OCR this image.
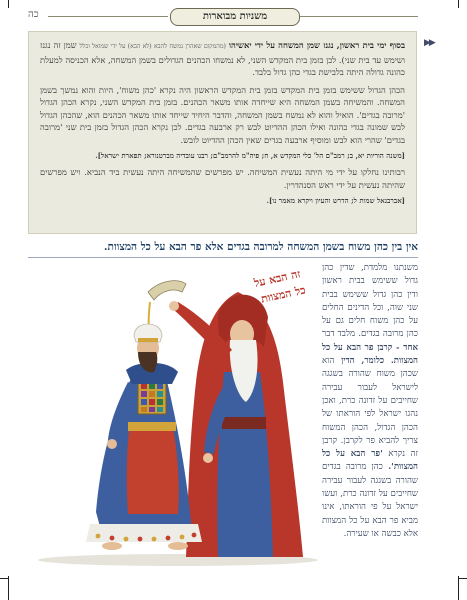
כה	משניות מבוארות
▶▶

בסוף ימי בית ראשון, נגנז שמן המשחה על ידי יאשיהו (מהמקום שאהרן נמשח להבא (לא הבא) על ידי שמואל וכלל שמן זה נגנז ושימש עד בית שני). לכן בזמן בית המקדש השני, לא נמשחו הכהנים הגדולים בשמן המשחה, אלא הכניסה למעלת כהונה גדולה היתה בלבישת בגדי כהן גדול בלבד.

הכהן הגדול ששימש בזמן בית המקדש בזמן בית המקדש הראשון היה נקרא 'כהן משוח', היות והוא נמשך בשמן המשחה. והמשיחה בשמן המשחה היא שייחדה אותו משאר הכהנים. בזמן בית המקדש השני, נקרא הכהן הגדול 'מרובה בגדים'. הואיל והוא לא נמשח בשמן המשחה, והדבר היחיד שייחד אותו משאר הכהנים הוא, שהכהן הגדול לבש שמונה בגדי כהונה ואילו הכהן ההדיוט לבש רק ארבעה בגדים. לכן נקרא הכהן הגדול בזמן בית שני 'מרובה בגדים' שהרי הוא לבש ומוסיף ארבעה בגדים שאין הכהן ההדיוט לובש.

[משנה הוריות יא, ב; רמב"ם הל' כלי המקדש א, ח; פיה"מ להרמב"ם; רבנו עובדיה מברטנורא; תפארת ישראל].

רבותינו נחלקו על ידי מי היתה נעשית המשיחה. יש מפרשים שהמשיחה היתה נעשית ביד הנביא. ויש מפרשים שהיתה נעשית על ידי ראש הסנהדרין.

[אברבנאל שמות ל; הדרש והעיון ויקרא מאמר נו].

אין בין כהן משוח בשמן המשחה למרובה בגדים אלא פר הבא על כל המצוות.
משנתנו מלמדת, שדין כהן גדול ששימש בבית ראשון ודין כהן גדול ששימש בבית שני שוה, וכל הדינים החלים על כהן משוח חלים גם על כהן מרובה בגדים. מלבד דבר אחד - קרבן פר הבא על כל המצוות. כלומר, הדין הוא שכהן משוח שהורה בשגגה לישראל לעבור עבירה שחייבים על זדונה כרת, ואכן נהגו ישראל לפי הוראתו של הכהן הגדול, הכהן המשוח צריך להביא פר לקרבן. קרבן זה נקרא 'פר הבא על כל המצוות'. כהן מרובה בגדים שהורה בשגגה לעבור עבירה שחייבים על זדונה כרת, ועשו ישראל על פי הוראתו, אינו מביא פר הבא על כל המצוות אלא כבשה או שעירה.
זה הבא על
כל המצוות
